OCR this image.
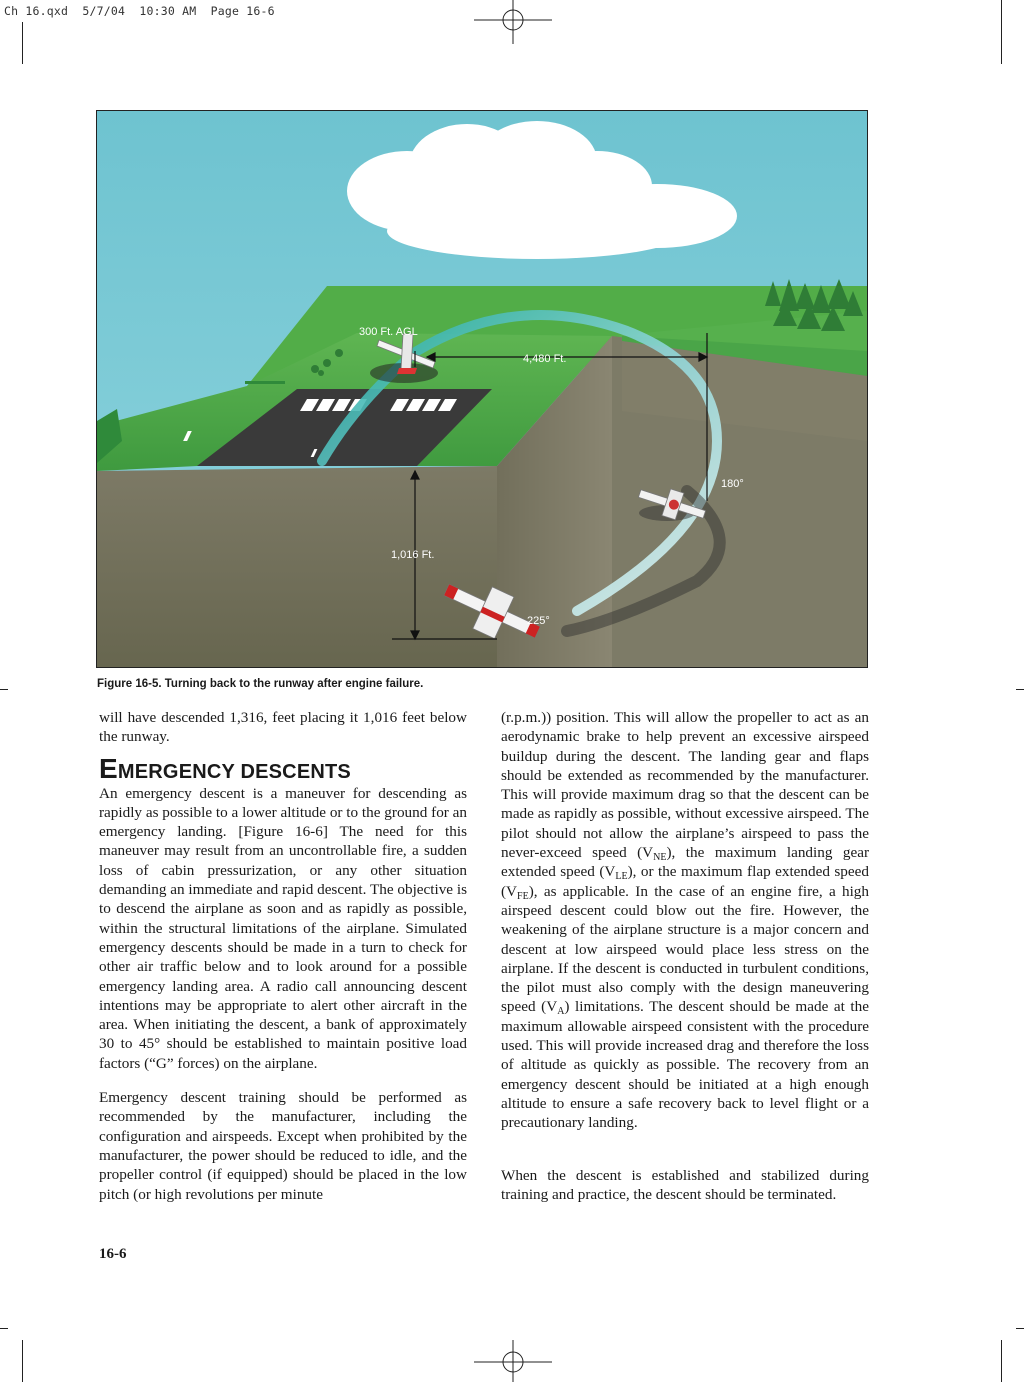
Ch 16.qxd  5/7/04  10:30 AM  Page 16-6
300 Ft. AGL
4,480 Ft.
1,016 Ft.
180°
225°
Figure 16-5. Turning back to the runway after engine failure.

will have descended 1,316, feet placing it 1,016 feet below the runway.

EMERGENCY DESCENTS

An emergency descent is a maneuver for descending as rapidly as possible to a lower altitude or to the ground for an emergency landing. [Figure 16-6] The need for this maneuver may result from an uncontrollable fire, a sudden loss of cabin pressurization, or any other situation demanding an immediate and rapid descent. The objective is to descend the airplane as soon and as rapidly as possible, within the structural limitations of the airplane. Simulated emergency descents should be made in a turn to check for other air traffic below and to look around for a possible emergency landing area. A radio call announcing descent intentions may be appropriate to alert other aircraft in the area. When initiating the descent, a bank of approximately 30 to 45° should be established to maintain positive load factors (“G” forces) on the airplane.

Emergency descent training should be performed as recommended by the manufacturer, including the configuration and airspeeds. Except when prohibited by the manufacturer, the power should be reduced to idle, and the propeller control (if equipped) should be placed in the low pitch (or high revolutions per minute

(r.p.m.)) position. This will allow the propeller to act as an aerodynamic brake to help prevent an excessive airspeed buildup during the descent. The landing gear and flaps should be extended as recommended by the manufacturer. This will provide maximum drag so that the descent can be made as rapidly as possible, without excessive airspeed. The pilot should not allow the airplane’s airspeed to pass the never-exceed speed $(V_{NE})$, the maximum landing gear extended speed $(V_{LE})$, or the maximum flap extended speed $(V_{FE})$, as applicable. In the case of an engine fire, a high airspeed descent could blow out the fire. However, the weakening of the airplane structure is a major concern and descent at low airspeed would place less stress on the airplane. If the descent is conducted in turbulent conditions, the pilot must also comply with the design maneuvering speed $(V_A)$ limitations. The descent should be made at the maximum allowable airspeed consistent with the procedure used. This will provide increased drag and therefore the loss of altitude as quickly as possible. The recovery from an emergency descent should be initiated at a high enough altitude to ensure a safe recovery back to level flight or a precautionary landing.

When the descent is established and stabilized during training and practice, the descent should be terminated.

16-6
